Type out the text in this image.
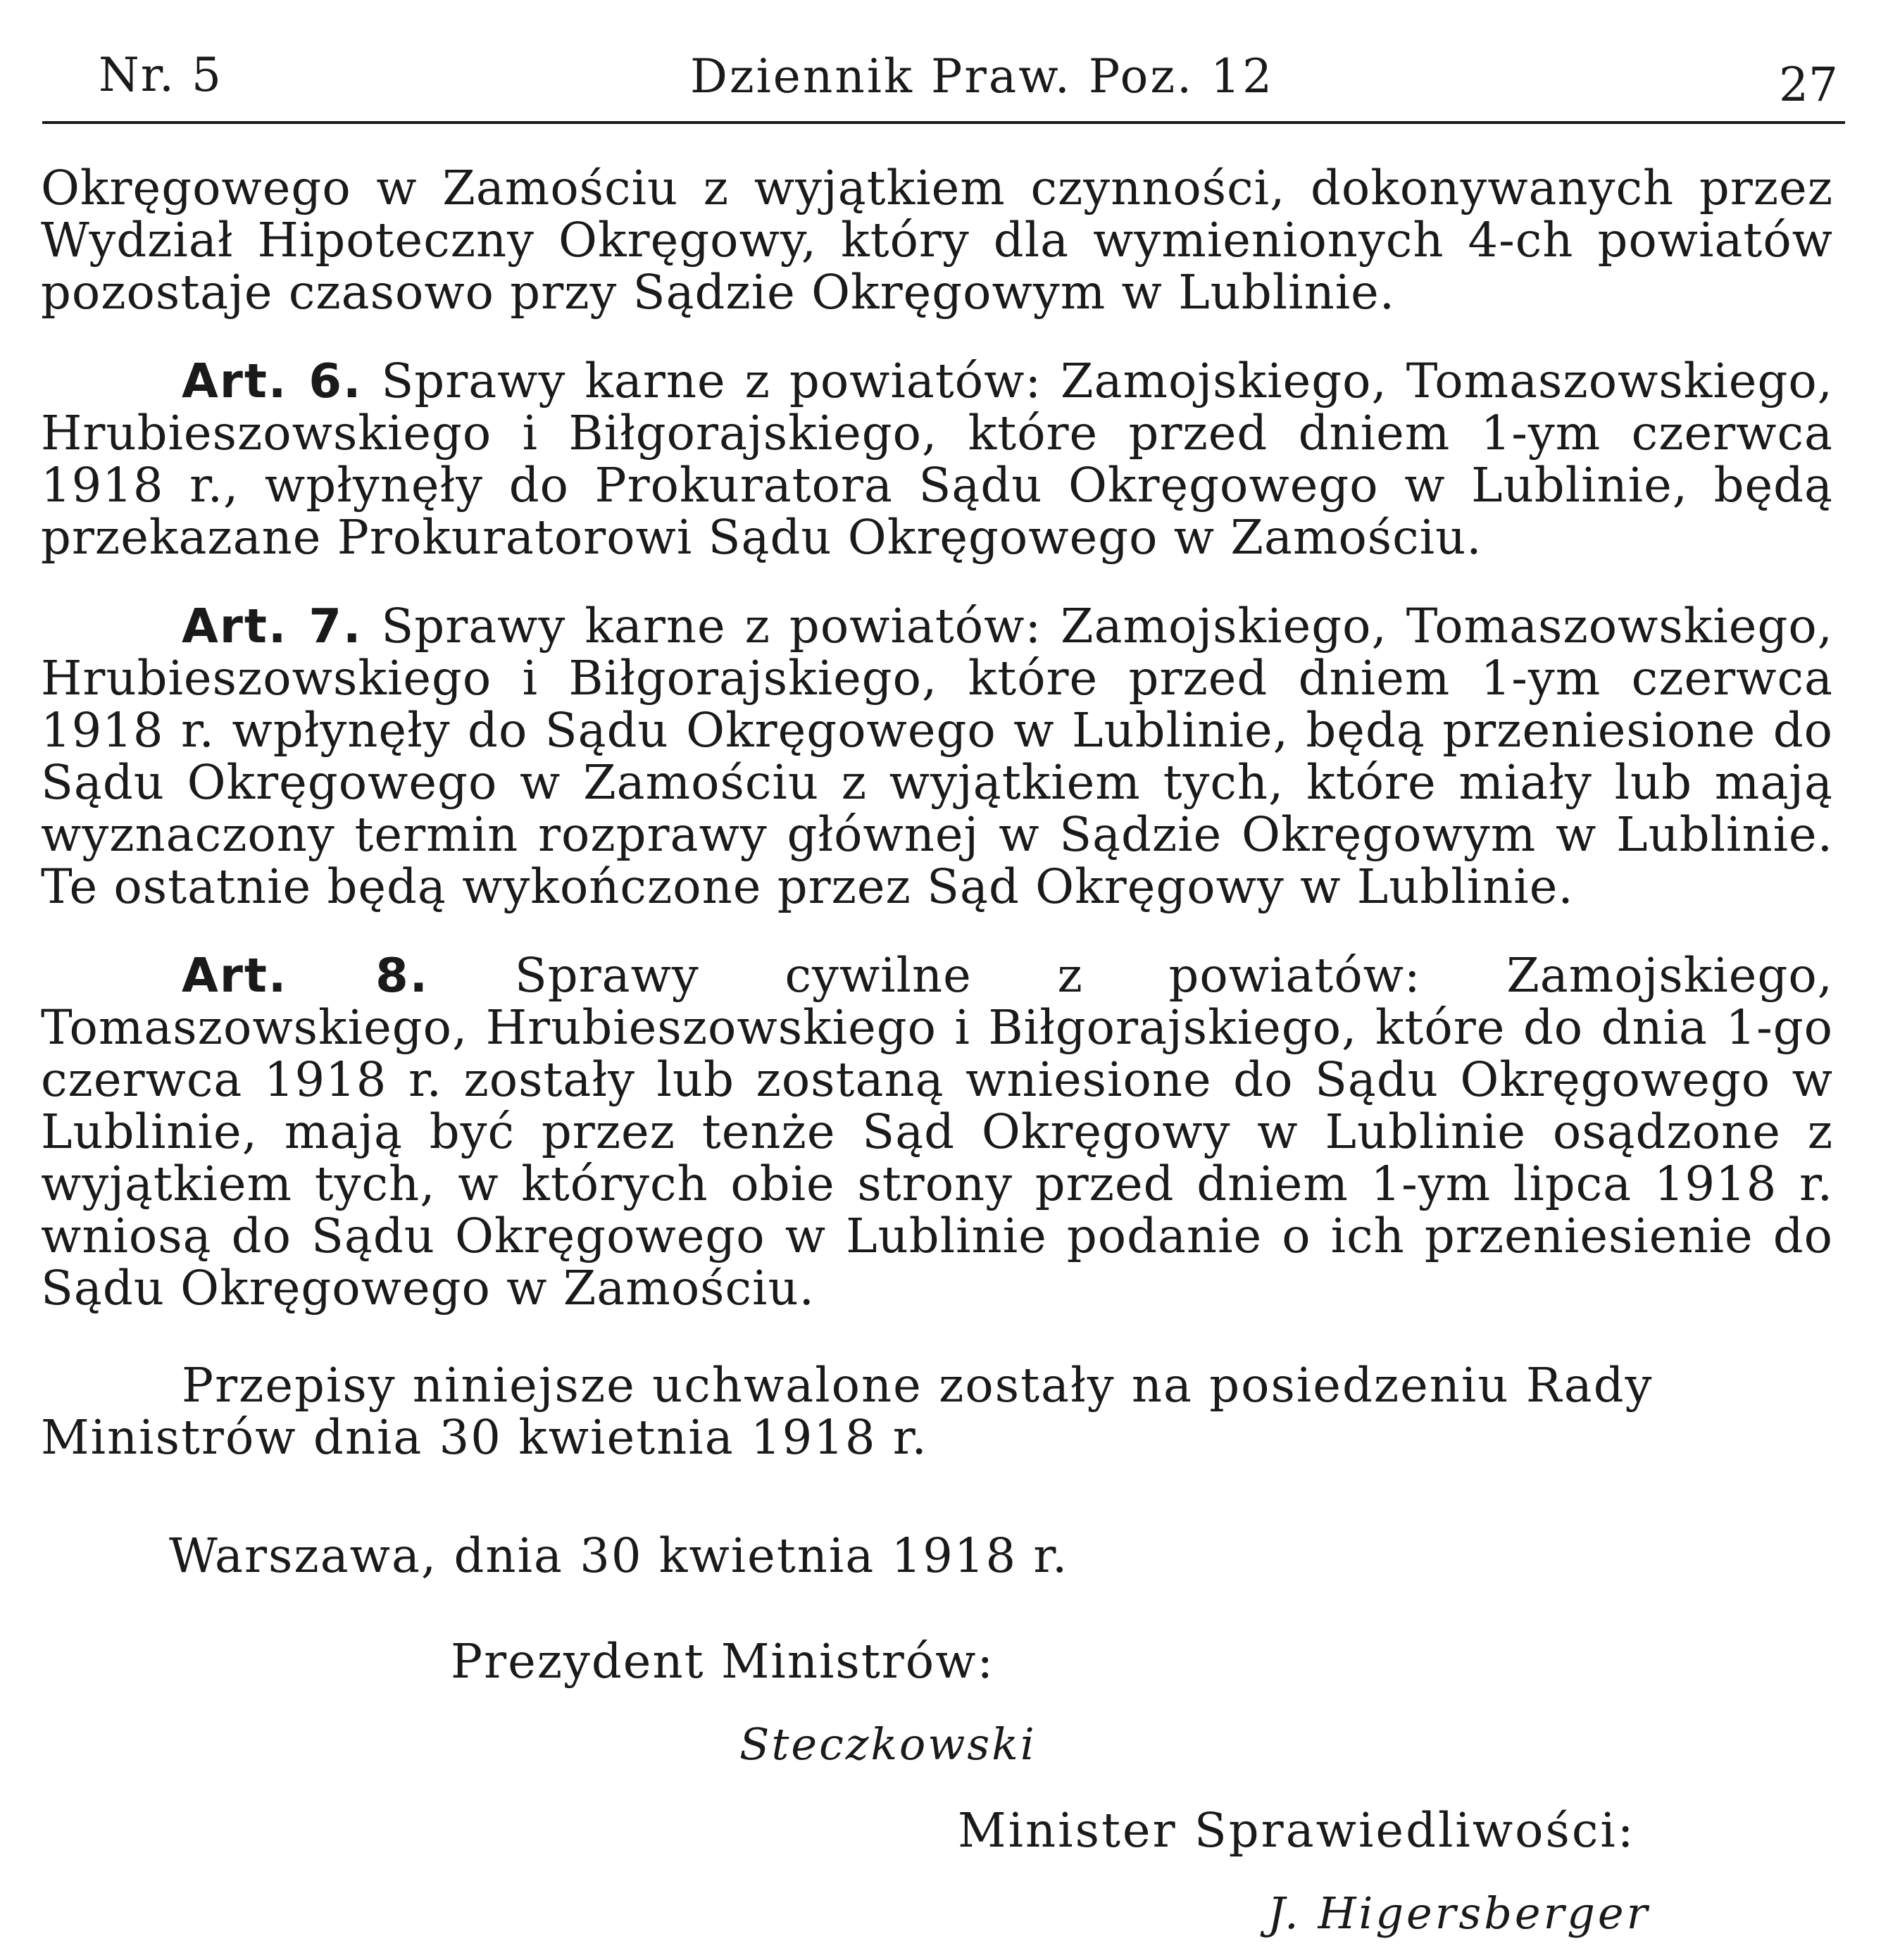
Nr. 5	Dziennik Praw. Poz. 12	27

Okręgowego w Zamościu z wyjątkiem czynności, dokonywanych przez Wydział Hipoteczny Okręgowy, który dla wymienionych 4-ch powiatów pozostaje czasowo przy Sądzie Okręgowym w Lublinie.

Art. 6. Sprawy karne z powiatów: Zamojskiego, Tomaszowskiego, Hrubieszowskiego i Biłgorajskiego, które przed dniem 1-ym czerwca 1918 r., wpłynęły do Prokuratora Sądu Okręgowego w Lublinie, będą przekazane Prokuratorowi Sądu Okręgowego w Zamościu.

Art. 7. Sprawy karne z powiatów: Zamojskiego, Tomaszowskiego, Hrubieszowskiego i Biłgorajskiego, które przed dniem 1-ym czerwca 1918 r. wpłynęły do Sądu Okręgowego w Lublinie, będą przeniesione do Sądu Okręgowego w Zamościu z wyjątkiem tych, które miały lub mają wyznaczony termin rozprawy głównej w Sądzie Okręgowym w Lublinie. Te ostatnie będą wykończone przez Sąd Okręgowy w Lublinie.

Art. 8. Sprawy cywilne z powiatów: Zamojskiego, Tomaszowskiego, Hrubieszowskiego i Biłgorajskiego, które do dnia 1-go czerwca 1918 r. zostały lub zostaną wniesione do Sądu Okręgowego w Lublinie, mają być przez tenże Sąd Okręgowy w Lublinie osądzone z wyjątkiem tych, w których obie strony przed dniem 1-ym lipca 1918 r. wniosą do Sądu Okręgowego w Lublinie podanie o ich przeniesienie do Sądu Okręgowego w Zamościu.

Przepisy niniejsze uchwalone zostały na posiedzeniu Rady Ministrów dnia 30 kwietnia 1918 r.
Warszawa, dnia 30 kwietnia 1918 r.
Prezydent Ministrów:
Steczkowski
Minister Sprawiedliwości:
J. Higersberger
